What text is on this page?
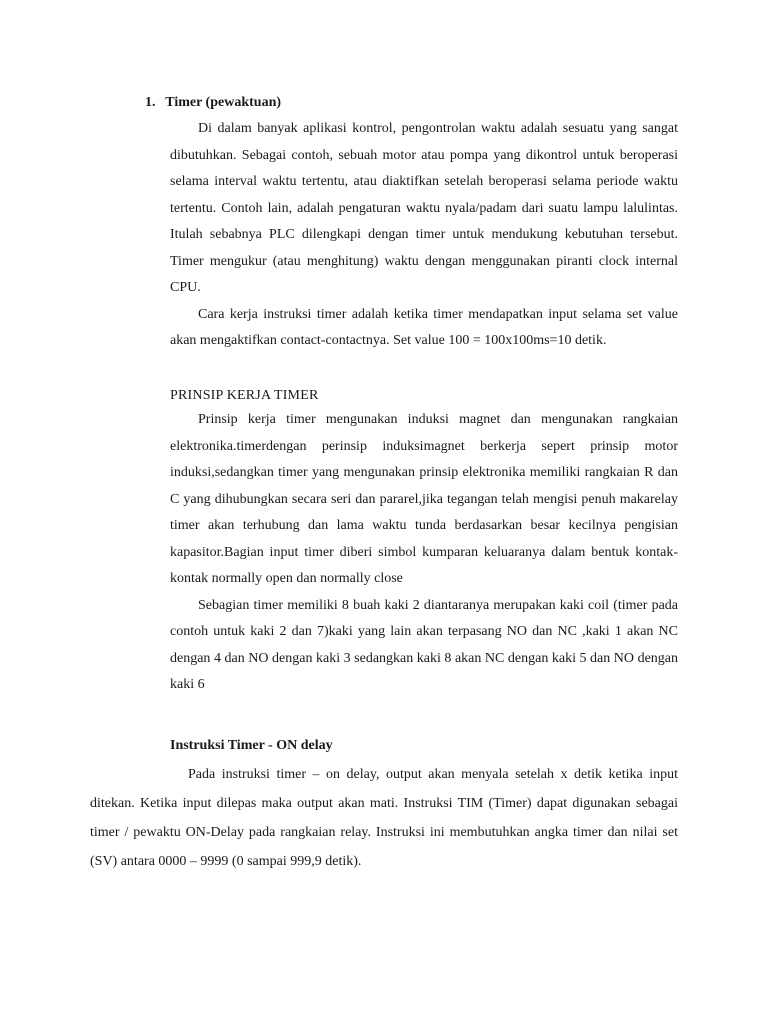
1. Timer (pewaktuan)

Di dalam banyak aplikasi kontrol, pengontrolan waktu adalah sesuatu yang sangat dibutuhkan. Sebagai contoh, sebuah motor atau pompa yang dikontrol untuk beroperasi selama interval waktu tertentu, atau diaktifkan setelah beroperasi selama periode waktu tertentu. Contoh lain, adalah pengaturan waktu nyala/padam dari suatu lampu lalulintas. Itulah sebabnya PLC dilengkapi dengan timer untuk mendukung kebutuhan tersebut. Timer mengukur (atau menghitung) waktu dengan menggunakan piranti clock internal CPU.

Cara kerja instruksi timer adalah ketika timer mendapatkan input selama set value akan mengaktifkan contact-contactnya. Set value 100 = 100x100ms=10 detik.

PRINSIP KERJA TIMER

Prinsip kerja timer mengunakan induksi magnet dan mengunakan rangkaian elektronika.timerdengan perinsip induksimagnet berkerja sepert prinsip motor induksi,sedangkan timer yang mengunakan prinsip elektronika memiliki rangkaian R dan C yang dihubungkan secara seri dan pararel,jika tegangan telah mengisi penuh makarelay timer akan terhubung dan lama waktu tunda berdasarkan besar kecilnya pengisian kapasitor.Bagian input timer diberi simbol kumparan keluaranya dalam bentuk kontak-kontak normally open dan normally close

Sebagian timer memiliki 8 buah kaki 2 diantaranya merupakan kaki coil (timer pada contoh untuk kaki 2 dan 7)kaki yang lain akan terpasang NO dan NC ,kaki 1 akan NC dengan 4 dan NO dengan kaki 3 sedangkan kaki 8 akan NC dengan kaki 5 dan NO dengan kaki 6

Instruksi Timer - ON delay

Pada instruksi timer – on delay, output akan menyala setelah x detik ketika input ditekan. Ketika input dilepas maka output akan mati. Instruksi TIM (Timer) dapat digunakan sebagai timer / pewaktu ON-Delay pada rangkaian relay. Instruksi ini membutuhkan angka timer dan nilai set (SV) antara 0000 – 9999 (0 sampai 999,9 detik).
